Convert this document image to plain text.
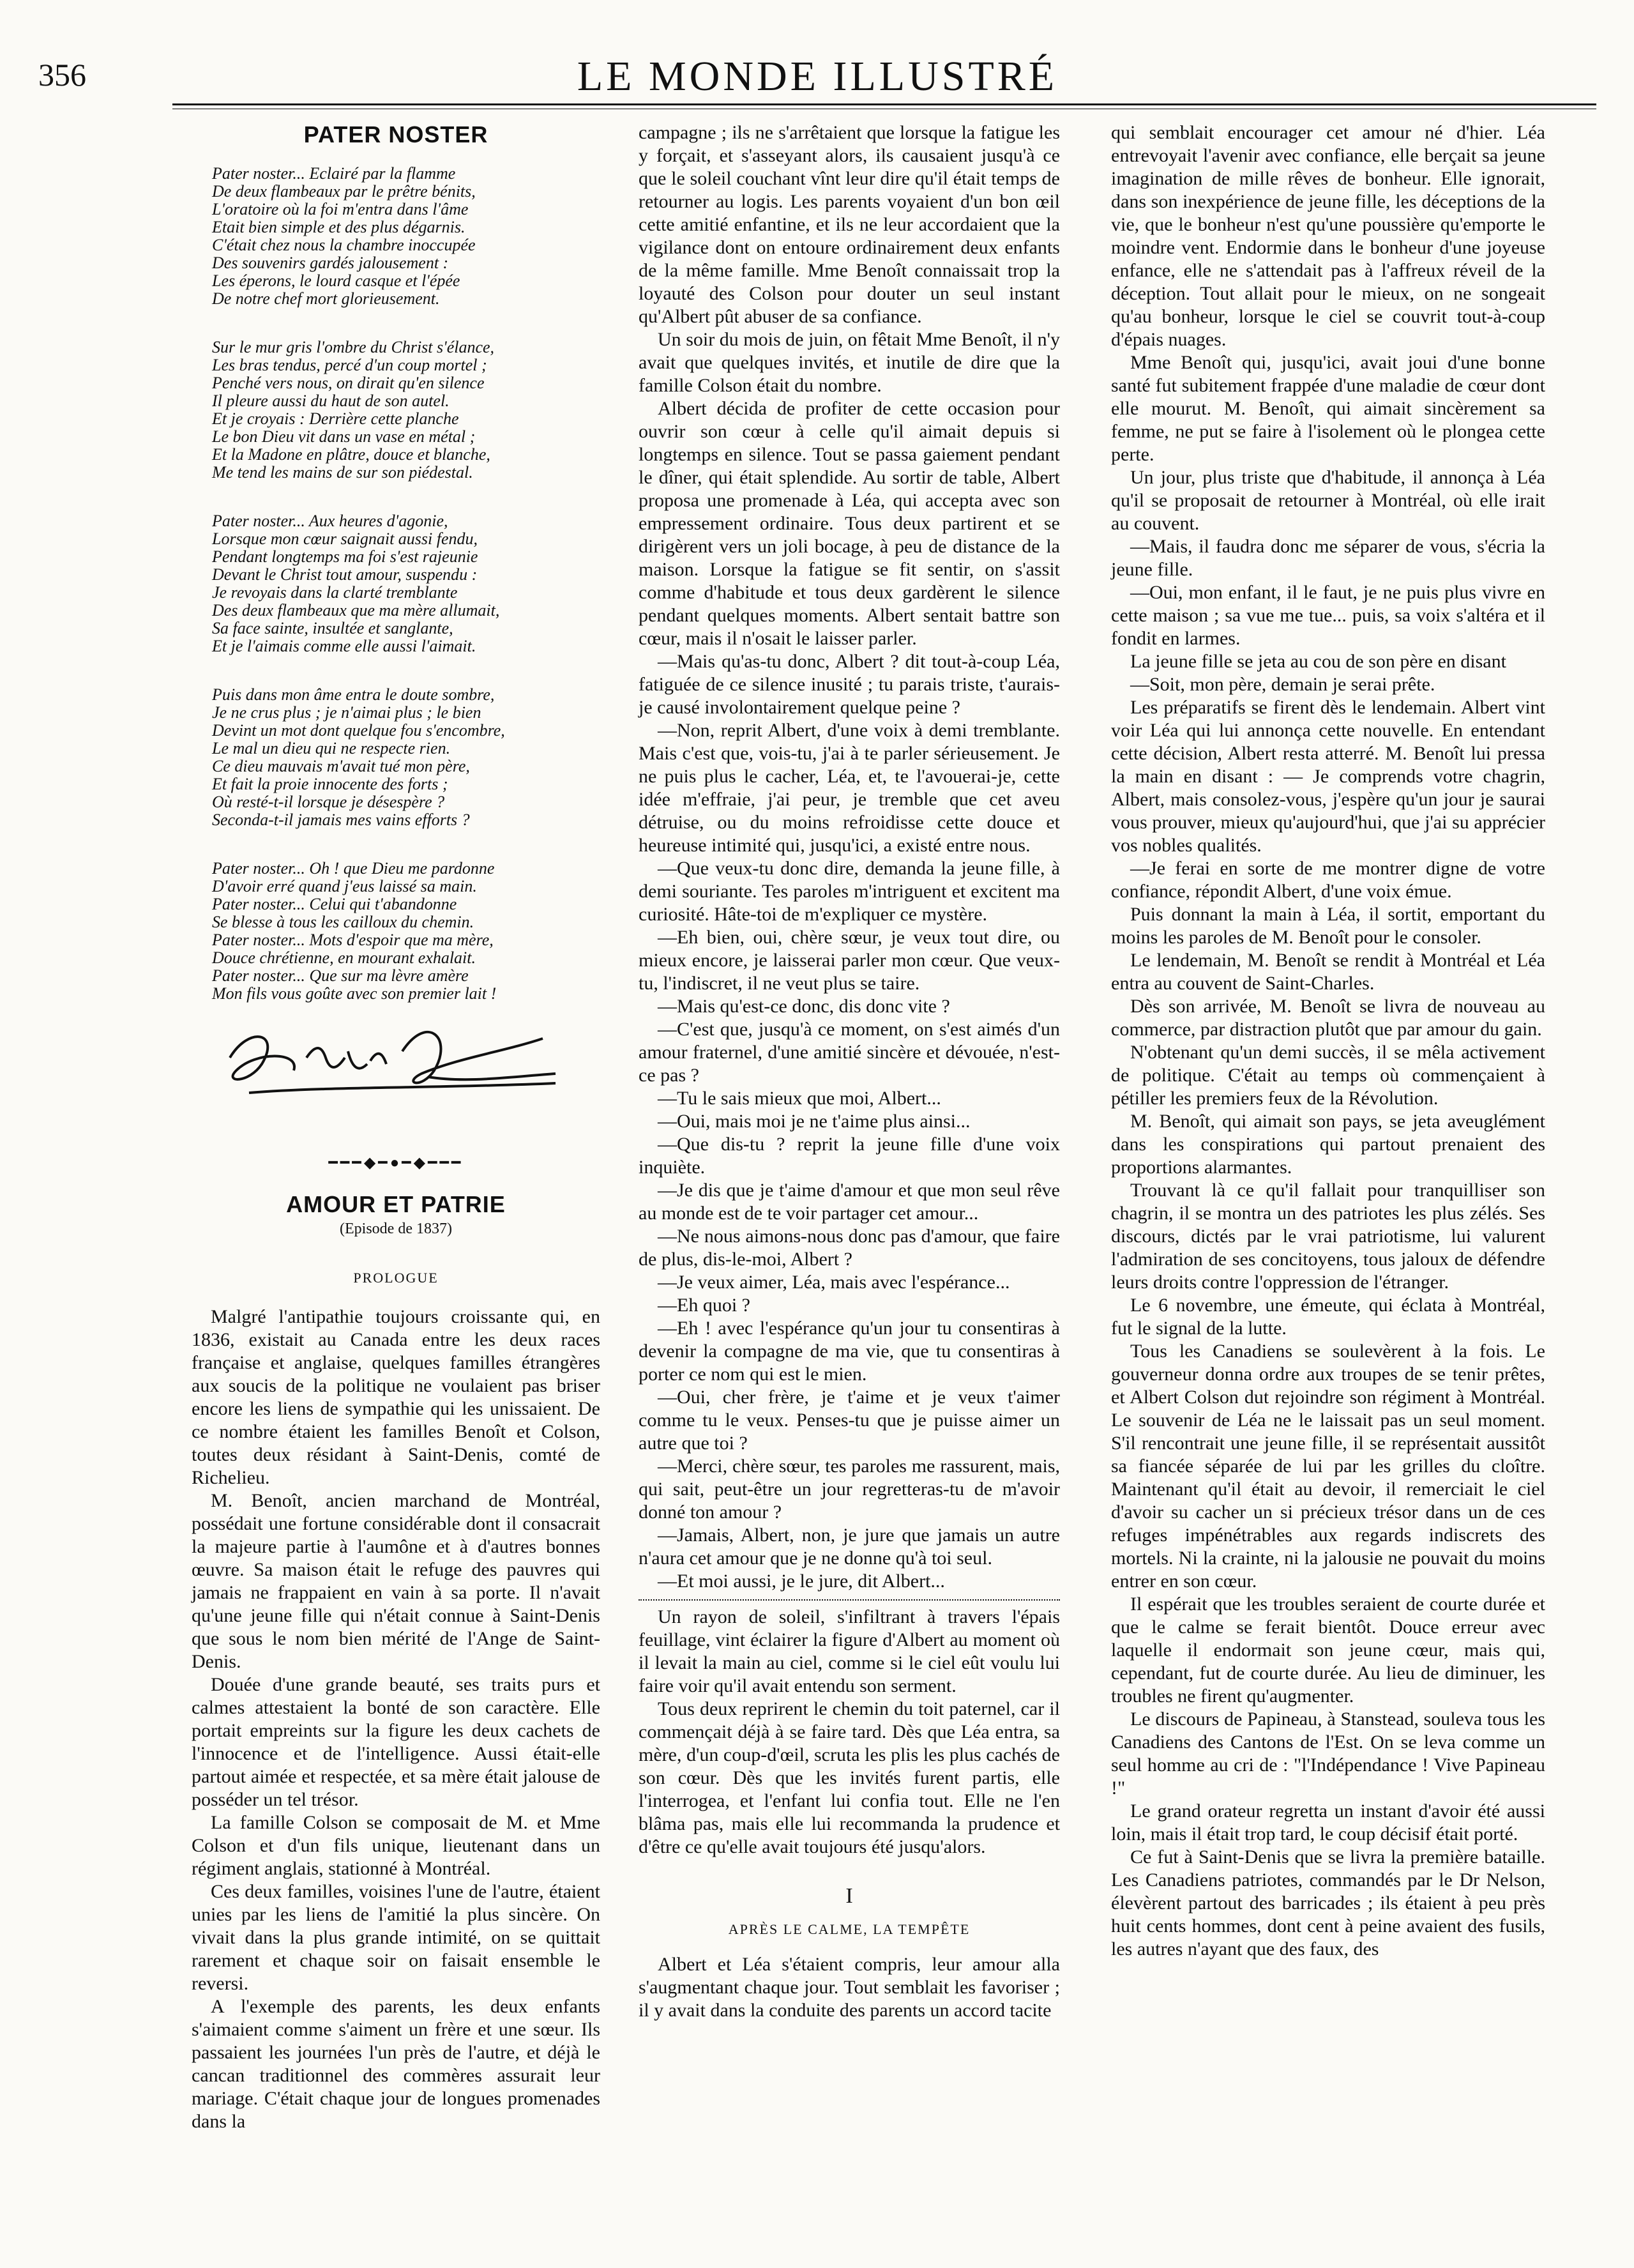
356	LE MONDE ILLUSTRÉ
PATER NOSTER
Pater noster... Eclairé par la flamme
De deux flambeaux par le prêtre bénits,
L'oratoire où la foi m'entra dans l'âme
Etait bien simple et des plus dégarnis.
C'était chez nous la chambre inoccupée
Des souvenirs gardés jalousement :
Les éperons, le lourd casque et l'épée
De notre chef mort glorieusement.
Sur le mur gris l'ombre du Christ s'élance,
Les bras tendus, percé d'un coup mortel ;
Penché vers nous, on dirait qu'en silence
Il pleure aussi du haut de son autel.
Et je croyais : Derrière cette planche
Le bon Dieu vit dans un vase en métal ;
Et la Madone en plâtre, douce et blanche,
Me tend les mains de sur son piédestal.
Pater noster... Aux heures d'agonie,
Lorsque mon cœur saignait aussi fendu,
Pendant longtemps ma foi s'est rajeunie
Devant le Christ tout amour, suspendu :
Je revoyais dans la clarté tremblante
Des deux flambeaux que ma mère allumait,
Sa face sainte, insultée et sanglante,
Et je l'aimais comme elle aussi l'aimait.
Puis dans mon âme entra le doute sombre,
Je ne crus plus ; je n'aimai plus ; le bien
Devint un mot dont quelque fou s'encombre,
Le mal un dieu qui ne respecte rien.
Ce dieu mauvais m'avait tué mon père,
Et fait la proie innocente des forts ;
Où resté-t-il lorsque je désespère ?
Seconda-t-il jamais mes vains efforts ?
Pater noster... Oh ! que Dieu me pardonne
D'avoir erré quand j'eus laissé sa main.
Pater noster... Celui qui t'abandonne
Se blesse à tous les cailloux du chemin.
Pater noster... Mots d'espoir que ma mère,
Douce chrétienne, en mourant exhalait.
Pater noster... Que sur ma lèvre amère
Mon fils vous goûte avec son premier lait !
━━━◆━●━◆━━━
AMOUR ET PATRIE
(Episode de 1837)
PROLOGUE

Malgré l'antipathie toujours croissante qui, en 1836, existait au Canada entre les deux races française et anglaise, quelques familles étrangères aux soucis de la politique ne voulaient pas briser encore les liens de sympathie qui les unissaient. De ce nombre étaient les familles Benoît et Colson, toutes deux résidant à Saint-Denis, comté de Richelieu.

M. Benoît, ancien marchand de Montréal, possédait une fortune considérable dont il consacrait la majeure partie à l'aumône et à d'autres bonnes œuvre. Sa maison était le refuge des pauvres qui jamais ne frappaient en vain à sa porte. Il n'avait qu'une jeune fille qui n'était connue à Saint-Denis que sous le nom bien mérité de l'Ange de Saint-Denis.

Douée d'une grande beauté, ses traits purs et calmes attestaient la bonté de son caractère. Elle portait empreints sur la figure les deux cachets de l'innocence et de l'intelligence. Aussi était-elle partout aimée et respectée, et sa mère était jalouse de posséder un tel trésor.

La famille Colson se composait de M. et Mme Colson et d'un fils unique, lieutenant dans un régiment anglais, stationné à Montréal.

Ces deux familles, voisines l'une de l'autre, étaient unies par les liens de l'amitié la plus sincère. On vivait dans la plus grande intimité, on se quittait rarement et chaque soir on faisait ensemble le reversi.

A l'exemple des parents, les deux enfants s'aimaient comme s'aiment un frère et une sœur. Ils passaient les journées l'un près de l'autre, et déjà le cancan traditionnel des commères assurait leur mariage. C'était chaque jour de longues promenades dans la

campagne ; ils ne s'arrêtaient que lorsque la fatigue les y forçait, et s'asseyant alors, ils causaient jusqu'à ce que le soleil couchant vînt leur dire qu'il était temps de retourner au logis. Les parents voyaient d'un bon œil cette amitié enfantine, et ils ne leur accordaient que la vigilance dont on entoure ordinairement deux enfants de la même famille. Mme Benoît connaissait trop la loyauté des Colson pour douter un seul instant qu'Albert pût abuser de sa confiance.

Un soir du mois de juin, on fêtait Mme Benoît, il n'y avait que quelques invités, et inutile de dire que la famille Colson était du nombre.

Albert décida de profiter de cette occasion pour ouvrir son cœur à celle qu'il aimait depuis si longtemps en silence. Tout se passa gaiement pendant le dîner, qui était splendide. Au sortir de table, Albert proposa une promenade à Léa, qui accepta avec son empressement ordinaire. Tous deux partirent et se dirigèrent vers un joli bocage, à peu de distance de la maison. Lorsque la fatigue se fit sentir, on s'assit comme d'habitude et tous deux gardèrent le silence pendant quelques moments. Albert sentait battre son cœur, mais il n'osait le laisser parler.

—Mais qu'as-tu donc, Albert ? dit tout-à-coup Léa, fatiguée de ce silence inusité ; tu parais triste, t'aurais-je causé involontairement quelque peine ?

—Non, reprit Albert, d'une voix à demi tremblante. Mais c'est que, vois-tu, j'ai à te parler sérieusement. Je ne puis plus le cacher, Léa, et, te l'avouerai-je, cette idée m'effraie, j'ai peur, je tremble que cet aveu détruise, ou du moins refroidisse cette douce et heureuse intimité qui, jusqu'ici, a existé entre nous.

—Que veux-tu donc dire, demanda la jeune fille, à demi souriante. Tes paroles m'intriguent et excitent ma curiosité. Hâte-toi de m'expliquer ce mystère.

—Eh bien, oui, chère sœur, je veux tout dire, ou mieux encore, je laisserai parler mon cœur. Que veux-tu, l'indiscret, il ne veut plus se taire.

—Mais qu'est-ce donc, dis donc vite ?

—C'est que, jusqu'à ce moment, on s'est aimés d'un amour fraternel, d'une amitié sincère et dévouée, n'est-ce pas ?

—Tu le sais mieux que moi, Albert...

—Oui, mais moi je ne t'aime plus ainsi...

—Que dis-tu ? reprit la jeune fille d'une voix inquiète.

—Je dis que je t'aime d'amour et que mon seul rêve au monde est de te voir partager cet amour...

—Ne nous aimons-nous donc pas d'amour, que faire de plus, dis-le-moi, Albert ?

—Je veux aimer, Léa, mais avec l'espérance...

—Eh quoi ?

—Eh ! avec l'espérance qu'un jour tu consentiras à devenir la compagne de ma vie, que tu consentiras à porter ce nom qui est le mien.

—Oui, cher frère, je t'aime et je veux t'aimer comme tu le veux. Penses-tu que je puisse aimer un autre que toi ?

—Merci, chère sœur, tes paroles me rassurent, mais, qui sait, peut-être un jour regretteras-tu de m'avoir donné ton amour ?

—Jamais, Albert, non, je jure que jamais un autre n'aura cet amour que je ne donne qu'à toi seul.

—Et moi aussi, je le jure, dit Albert...

Un rayon de soleil, s'infiltrant à travers l'épais feuillage, vint éclairer la figure d'Albert au moment où il levait la main au ciel, comme si le ciel eût voulu lui faire voir qu'il avait entendu son serment.

Tous deux reprirent le chemin du toit paternel, car il commençait déjà à se faire tard. Dès que Léa entra, sa mère, d'un coup-d'œil, scruta les plis les plus cachés de son cœur. Dès que les invités furent partis, elle l'interrogea, et l'enfant lui confia tout. Elle ne l'en blâma pas, mais elle lui recommanda la prudence et d'être ce qu'elle avait toujours été jusqu'alors.

I
APRÈS LE CALME, LA TEMPÊTE

Albert et Léa s'étaient compris, leur amour alla s'augmentant chaque jour. Tout semblait les favoriser ; il y avait dans la conduite des parents un accord tacite

qui semblait encourager cet amour né d'hier. Léa entrevoyait l'avenir avec confiance, elle berçait sa jeune imagination de mille rêves de bonheur. Elle ignorait, dans son inexpérience de jeune fille, les déceptions de la vie, que le bonheur n'est qu'une poussière qu'emporte le moindre vent. Endormie dans le bonheur d'une joyeuse enfance, elle ne s'attendait pas à l'affreux réveil de la déception. Tout allait pour le mieux, on ne songeait qu'au bonheur, lorsque le ciel se couvrit tout-à-coup d'épais nuages.

Mme Benoît qui, jusqu'ici, avait joui d'une bonne santé fut subitement frappée d'une maladie de cœur dont elle mourut. M. Benoît, qui aimait sincèrement sa femme, ne put se faire à l'isolement où le plongea cette perte.

Un jour, plus triste que d'habitude, il annonça à Léa qu'il se proposait de retourner à Montréal, où elle irait au couvent.

—Mais, il faudra donc me séparer de vous, s'écria la jeune fille.

—Oui, mon enfant, il le faut, je ne puis plus vivre en cette maison ; sa vue me tue... puis, sa voix s'altéra et il fondit en larmes.

La jeune fille se jeta au cou de son père en disant

—Soit, mon père, demain je serai prête.

Les préparatifs se firent dès le lendemain. Albert vint voir Léa qui lui annonça cette nouvelle. En entendant cette décision, Albert resta atterré. M. Benoît lui pressa la main en disant : — Je comprends votre chagrin, Albert, mais consolez-vous, j'espère qu'un jour je saurai vous prouver, mieux qu'aujourd'hui, que j'ai su apprécier vos nobles qualités.

—Je ferai en sorte de me montrer digne de votre confiance, répondit Albert, d'une voix émue.

Puis donnant la main à Léa, il sortit, emportant du moins les paroles de M. Benoît pour le consoler.

Le lendemain, M. Benoît se rendit à Montréal et Léa entra au couvent de Saint-Charles.

Dès son arrivée, M. Benoît se livra de nouveau au commerce, par distraction plutôt que par amour du gain.

N'obtenant qu'un demi succès, il se mêla activement de politique. C'était au temps où commençaient à pétiller les premiers feux de la Révolution.

M. Benoît, qui aimait son pays, se jeta aveuglément dans les conspirations qui partout prenaient des proportions alarmantes.

Trouvant là ce qu'il fallait pour tranquilliser son chagrin, il se montra un des patriotes les plus zélés. Ses discours, dictés par le vrai patriotisme, lui valurent l'admiration de ses concitoyens, tous jaloux de défendre leurs droits contre l'oppression de l'étranger.

Le 6 novembre, une émeute, qui éclata à Montréal, fut le signal de la lutte.

Tous les Canadiens se soulevèrent à la fois. Le gouverneur donna ordre aux troupes de se tenir prêtes, et Albert Colson dut rejoindre son régiment à Montréal. Le souvenir de Léa ne le laissait pas un seul moment. S'il rencontrait une jeune fille, il se représentait aussitôt sa fiancée séparée de lui par les grilles du cloître. Maintenant qu'il était au devoir, il remerciait le ciel d'avoir su cacher un si précieux trésor dans un de ces refuges impénétrables aux regards indiscrets des mortels. Ni la crainte, ni la jalousie ne pouvait du moins entrer en son cœur.

Il espérait que les troubles seraient de courte durée et que le calme se ferait bientôt. Douce erreur avec laquelle il endormait son jeune cœur, mais qui, cependant, fut de courte durée. Au lieu de diminuer, les troubles ne firent qu'augmenter.

Le discours de Papineau, à Stanstead, souleva tous les Canadiens des Cantons de l'Est. On se leva comme un seul homme au cri de : "l'Indépendance ! Vive Papineau !"

Le grand orateur regretta un instant d'avoir été aussi loin, mais il était trop tard, le coup décisif était porté.

Ce fut à Saint-Denis que se livra la première bataille. Les Canadiens patriotes, commandés par le Dr Nelson, élevèrent partout des barricades ; ils étaient à peu près huit cents hommes, dont cent à peine avaient des fusils, les autres n'ayant que des faux, des
